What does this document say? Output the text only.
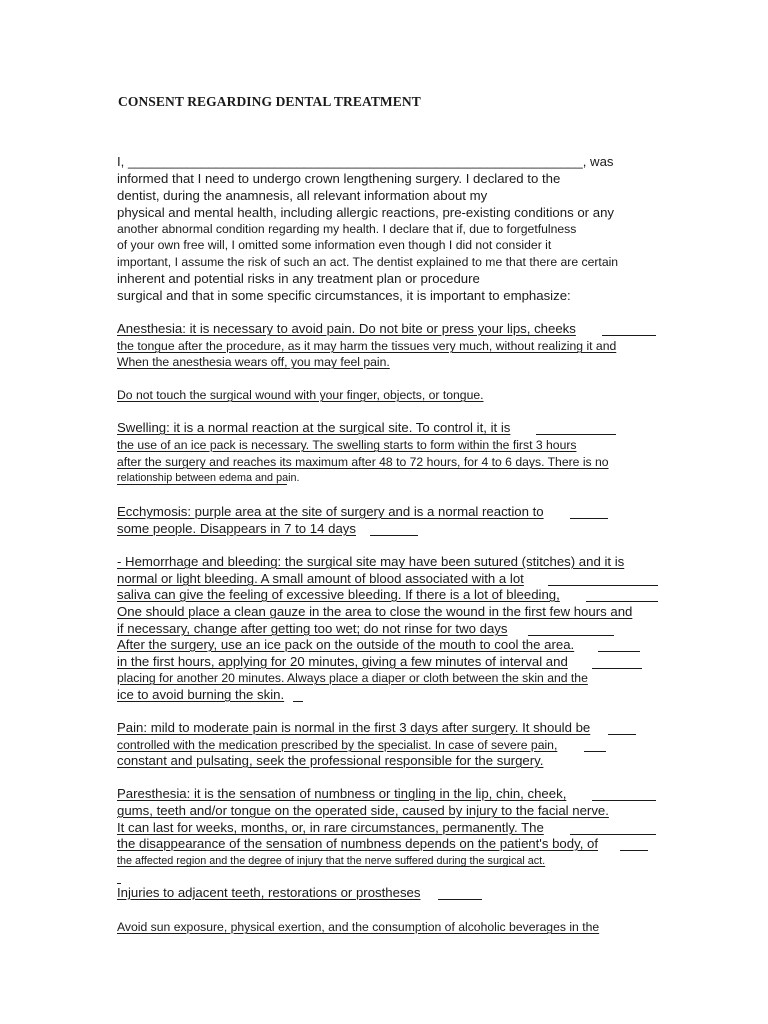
CONSENT REGARDING DENTAL TREATMENT
I, ______________________________________________________________, was
informed that I need to undergo crown lengthening surgery. I declared to the
dentist, during the anamnesis, all relevant information about my
physical and mental health, including allergic reactions, pre-existing conditions or any
another abnormal condition regarding my health. I declare that if, due to forgetfulness
of your own free will, I omitted some information even though I did not consider it
important, I assume the risk of such an act. The dentist explained to me that there are certain
inherent and potential risks in any treatment plan or procedure
surgical and that in some specific circumstances, it is important to emphasize:
Anesthesia: it is necessary to avoid pain. Do not bite or press your lips, cheeks
the tongue after the procedure, as it may harm the tissues very much, without realizing it and
When the anesthesia wears off, you may feel pain.
Do not touch the surgical wound with your finger, objects, or tongue.
Swelling: it is a normal reaction at the surgical site. To control it, it is
the use of an ice pack is necessary. The swelling starts to form within the first 3 hours
after the surgery and reaches its maximum after 48 to 72 hours, for 4 to 6 days. There is no
relationship between edema and pain.
Ecchymosis: purple area at the site of surgery and is a normal reaction to
some people. Disappears in 7 to 14 days
- Hemorrhage and bleeding: the surgical site may have been sutured (stitches) and it is
normal or light bleeding. A small amount of blood associated with a lot
saliva can give the feeling of excessive bleeding. If there is a lot of bleeding,
One should place a clean gauze in the area to close the wound in the first few hours and
if necessary, change after getting too wet; do not rinse for two days
After the surgery, use an ice pack on the outside of the mouth to cool the area.
in the first hours, applying for 20 minutes, giving a few minutes of interval and
placing for another 20 minutes. Always place a diaper or cloth between the skin and the
ice to avoid burning the skin.
Pain: mild to moderate pain is normal in the first 3 days after surgery. It should be
controlled with the medication prescribed by the specialist. In case of severe pain,
constant and pulsating, seek the professional responsible for the surgery.
Paresthesia: it is the sensation of numbness or tingling in the lip, chin, cheek,
gums, teeth and/or tongue on the operated side, caused by injury to the facial nerve.
It can last for weeks, months, or, in rare circumstances, permanently. The
the disappearance of the sensation of numbness depends on the patient's body, of
the affected region and the degree of injury that the nerve suffered during the surgical act.
Injuries to adjacent teeth, restorations or prostheses
Avoid sun exposure, physical exertion, and the consumption of alcoholic beverages in the
